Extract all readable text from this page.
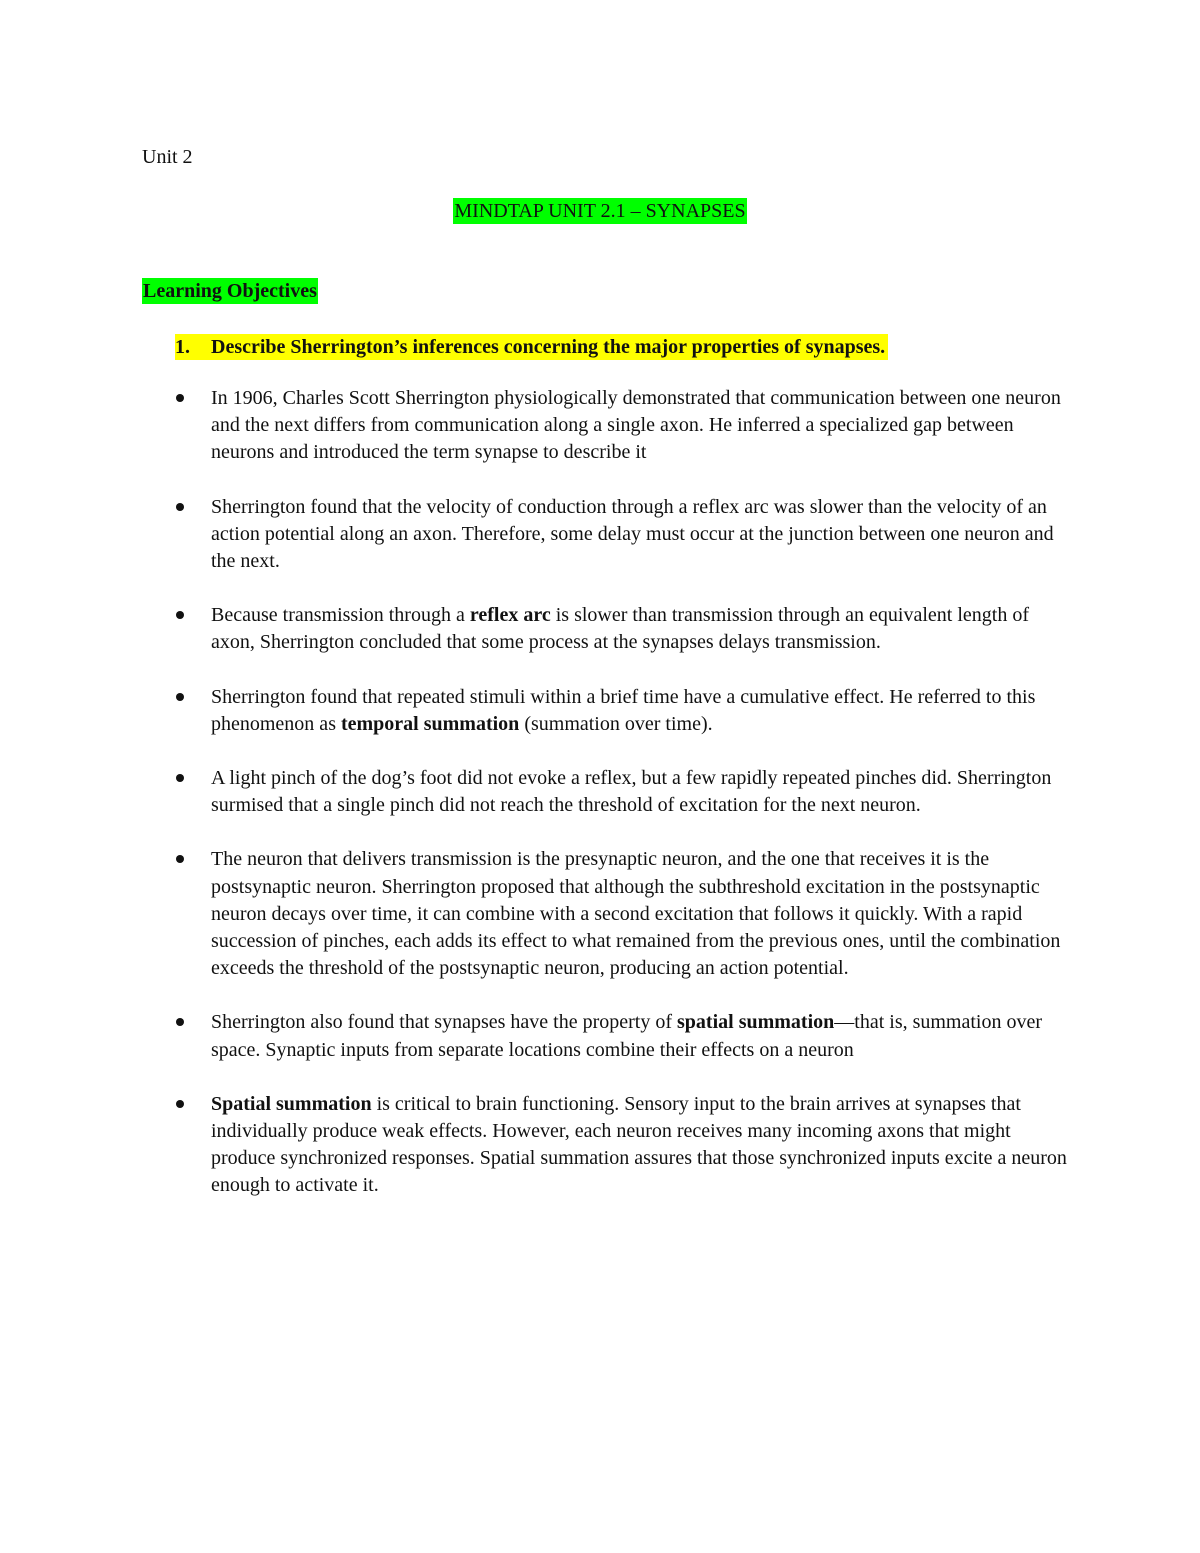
Unit 2
MINDTAP UNIT 2.1 – SYNAPSES
Learning Objectives
1. Describe Sherrington’s inferences concerning the major properties of synapses.
In 1906, Charles Scott Sherrington physiologically demonstrated that communication between one neuron and the next differs from communication along a single axon. He inferred a specialized gap between neurons and introduced the term synapse to describe it
Sherrington found that the velocity of conduction through a reflex arc was slower than the velocity of an action potential along an axon. Therefore, some delay must occur at the junction between one neuron and the next.
Because transmission through a reflex arc is slower than transmission through an equivalent length of axon, Sherrington concluded that some process at the synapses delays transmission.
Sherrington found that repeated stimuli within a brief time have a cumulative effect. He referred to this phenomenon as temporal summation (summation over time).
A light pinch of the dog’s foot did not evoke a reflex, but a few rapidly repeated pinches did. Sherrington surmised that a single pinch did not reach the threshold of excitation for the next neuron.
The neuron that delivers transmission is the presynaptic neuron, and the one that receives it is the postsynaptic neuron. Sherrington proposed that although the subthreshold excitation in the postsynaptic neuron decays over time, it can combine with a second excitation that follows it quickly. With a rapid succession of pinches, each adds its effect to what remained from the previous ones, until the combination exceeds the threshold of the postsynaptic neuron, producing an action potential.
Sherrington also found that synapses have the property of spatial summation—that is, summation over space. Synaptic inputs from separate locations combine their effects on a neuron
Spatial summation is critical to brain functioning. Sensory input to the brain arrives at synapses that individually produce weak effects. However, each neuron receives many incoming axons that might produce synchronized responses. Spatial summation assures that those synchronized inputs excite a neuron enough to activate it.
